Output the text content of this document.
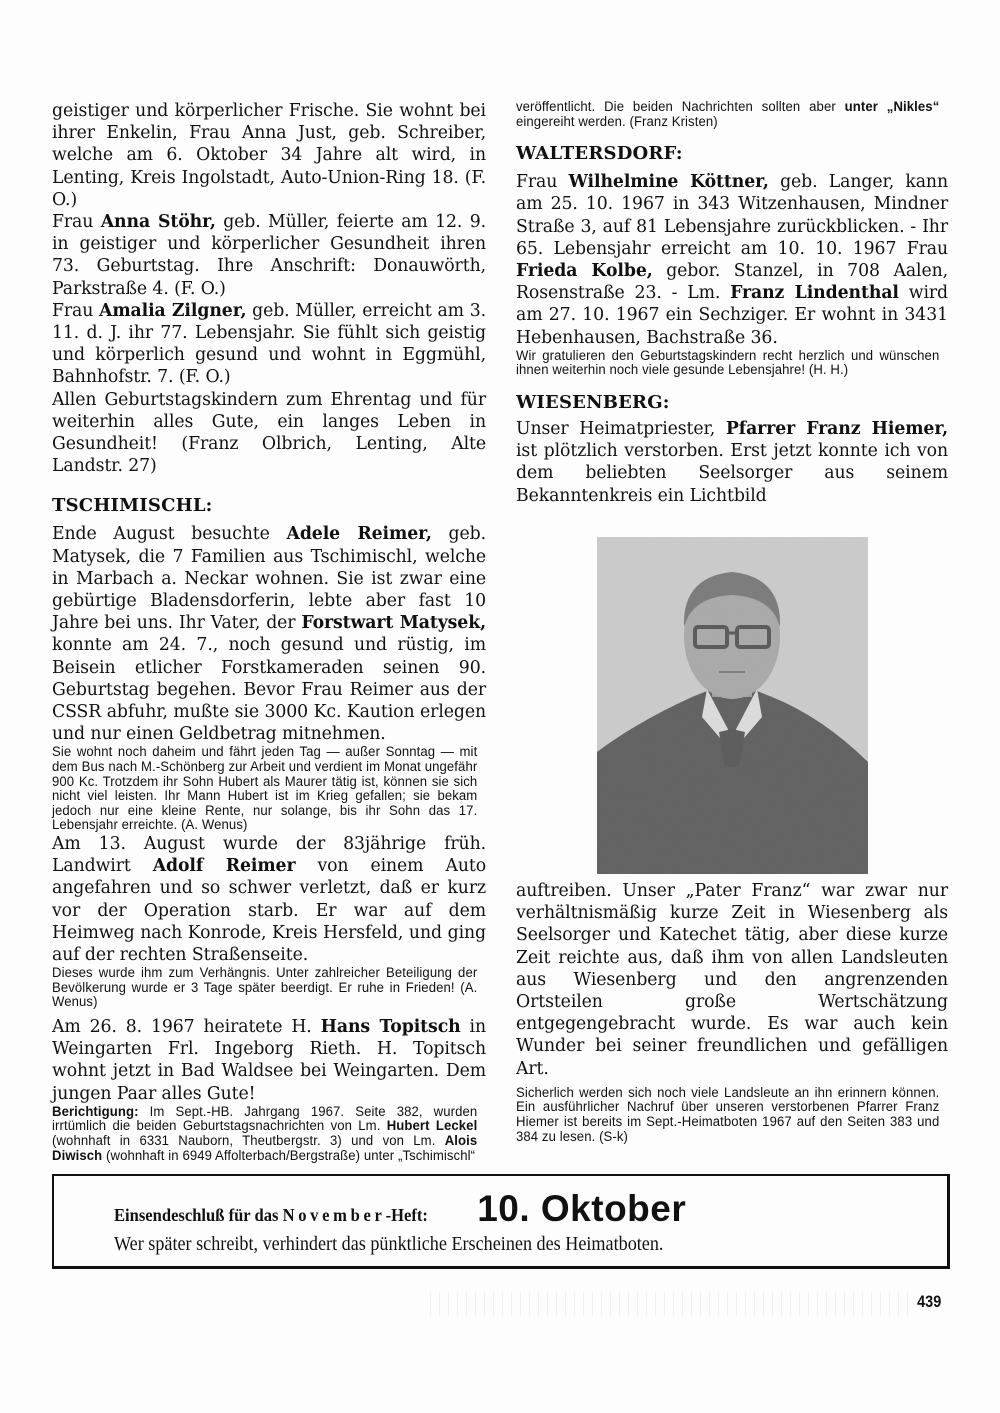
geistiger und körperlicher Frische. Sie wohnt bei ihrer Enkelin, Frau Anna Just, geb. Schreiber, welche am 6. Oktober 34 Jahre alt wird, in Lenting, Kreis Ingolstadt, Auto-Union-Ring 18. (F. O.)

Frau Anna Stöhr, geb. Müller, feierte am 12. 9. in geistiger und körperlicher Gesundheit ihren 73. Geburtstag. Ihre Anschrift: Donauwörth, Parkstraße 4. (F. O.)

Frau Amalia Zilgner, geb. Müller, erreicht am 3. 11. d. J. ihr 77. Lebensjahr. Sie fühlt sich geistig und körperlich gesund und wohnt in Eggmühl, Bahnhofstr. 7. (F. O.)

Allen Geburtstagskindern zum Ehrentag und für weiterhin alles Gute, ein langes Leben in Gesundheit! (Franz Olbrich, Lenting, Alte Landstr. 27)

TSCHIMISCHL:

Ende August besuchte Adele Reimer, geb. Matysek, die 7 Familien aus Tschimischl, welche in Marbach a. Neckar wohnen. Sie ist zwar eine gebürtige Bladensdorferin, lebte aber fast 10 Jahre bei uns. Ihr Vater, der Forstwart Matysek, konnte am 24. 7., noch gesund und rüstig, im Beisein etlicher Forstkameraden seinen 90. Geburtstag begehen. Bevor Frau Reimer aus der CSSR abfuhr, mußte sie 3000 Kc. Kaution erlegen und nur einen Geldbetrag mitnehmen.

Sie wohnt noch daheim und fährt jeden Tag — außer Sonntag — mit dem Bus nach M.-Schönberg zur Arbeit und verdient im Monat ungefähr 900 Kc. Trotzdem ihr Sohn Hubert als Maurer tätig ist, können sie sich nicht viel leisten. Ihr Mann Hubert ist im Krieg gefallen; sie bekam jedoch nur eine kleine Rente, nur solange, bis ihr Sohn das 17. Lebensjahr erreichte. (A. Wenus)

Am 13. August wurde der 83jährige früh. Landwirt Adolf Reimer von einem Auto angefahren und so schwer verletzt, daß er kurz vor der Operation starb. Er war auf dem Heimweg nach Konrode, Kreis Hersfeld, und ging auf der rechten Straßenseite.

Dieses wurde ihm zum Verhängnis. Unter zahlreicher Beteiligung der Bevölkerung wurde er 3 Tage später beerdigt. Er ruhe in Frieden! (A. Wenus)

Am 26. 8. 1967 heiratete H. Hans Topitsch in Weingarten Frl. Ingeborg Rieth. H. Topitsch wohnt jetzt in Bad Waldsee bei Weingarten. Dem jungen Paar alles Gute!

Berichtigung: Im Sept.-HB. Jahrgang 1967. Seite 382, wurden irrtümlich die beiden Geburtstagsnachrichten von Lm. Hubert Leckel (wohnhaft in 6331 Nauborn, Theutbergstr. 3) und von Lm. Alois Diwisch (wohnhaft in 6949 Affolterbach/Bergstraße) unter „Tschimischl“

veröffentlicht. Die beiden Nachrichten sollten aber unter „Nikles“ eingereiht werden. (Franz Kristen)

WALTERSDORF:

Frau Wilhelmine Köttner, geb. Langer, kann am 25. 10. 1967 in 343 Witzenhausen, Mindner Straße 3, auf 81 Lebensjahre zurückblicken. - Ihr 65. Lebensjahr erreicht am 10. 10. 1967 Frau Frieda Kolbe, gebor. Stanzel, in 708 Aalen, Rosenstraße 23. - Lm. Franz Lindenthal wird am 27. 10. 1967 ein Sechziger. Er wohnt in 3431 Hebenhausen, Bachstraße 36.

Wir gratulieren den Geburtstagskindern recht herzlich und wünschen ihnen weiterhin noch viele gesunde Lebensjahre! (H. H.)

WIESENBERG:

Unser Heimatpriester, Pfarrer Franz Hiemer, ist plötzlich verstorben. Erst jetzt konnte ich von dem beliebten Seelsorger aus seinem Bekanntenkreis ein Lichtbild

auftreiben. Unser „Pater Franz“ war zwar nur verhältnismäßig kurze Zeit in Wiesenberg als Seelsorger und Katechet tätig, aber diese kurze Zeit reichte aus, daß ihm von allen Landsleuten aus Wiesenberg und den angrenzenden Ortsteilen große Wertschätzung entgegengebracht wurde. Es war auch kein Wunder bei seiner freundlichen und gefälligen Art.

Sicherlich werden sich noch viele Landsleute an ihn erinnern können. Ein ausführlicher Nachruf über unseren verstorbenen Pfarrer Franz Hiemer ist bereits im Sept.-Heimatboten 1967 auf den Seiten 383 und 384 zu lesen. (S-k)

Einsendeschluß für das November-Heft: 10. Oktober
Wer später schreibt, verhindert das pünktliche Erscheinen des Heimatboten.
439
